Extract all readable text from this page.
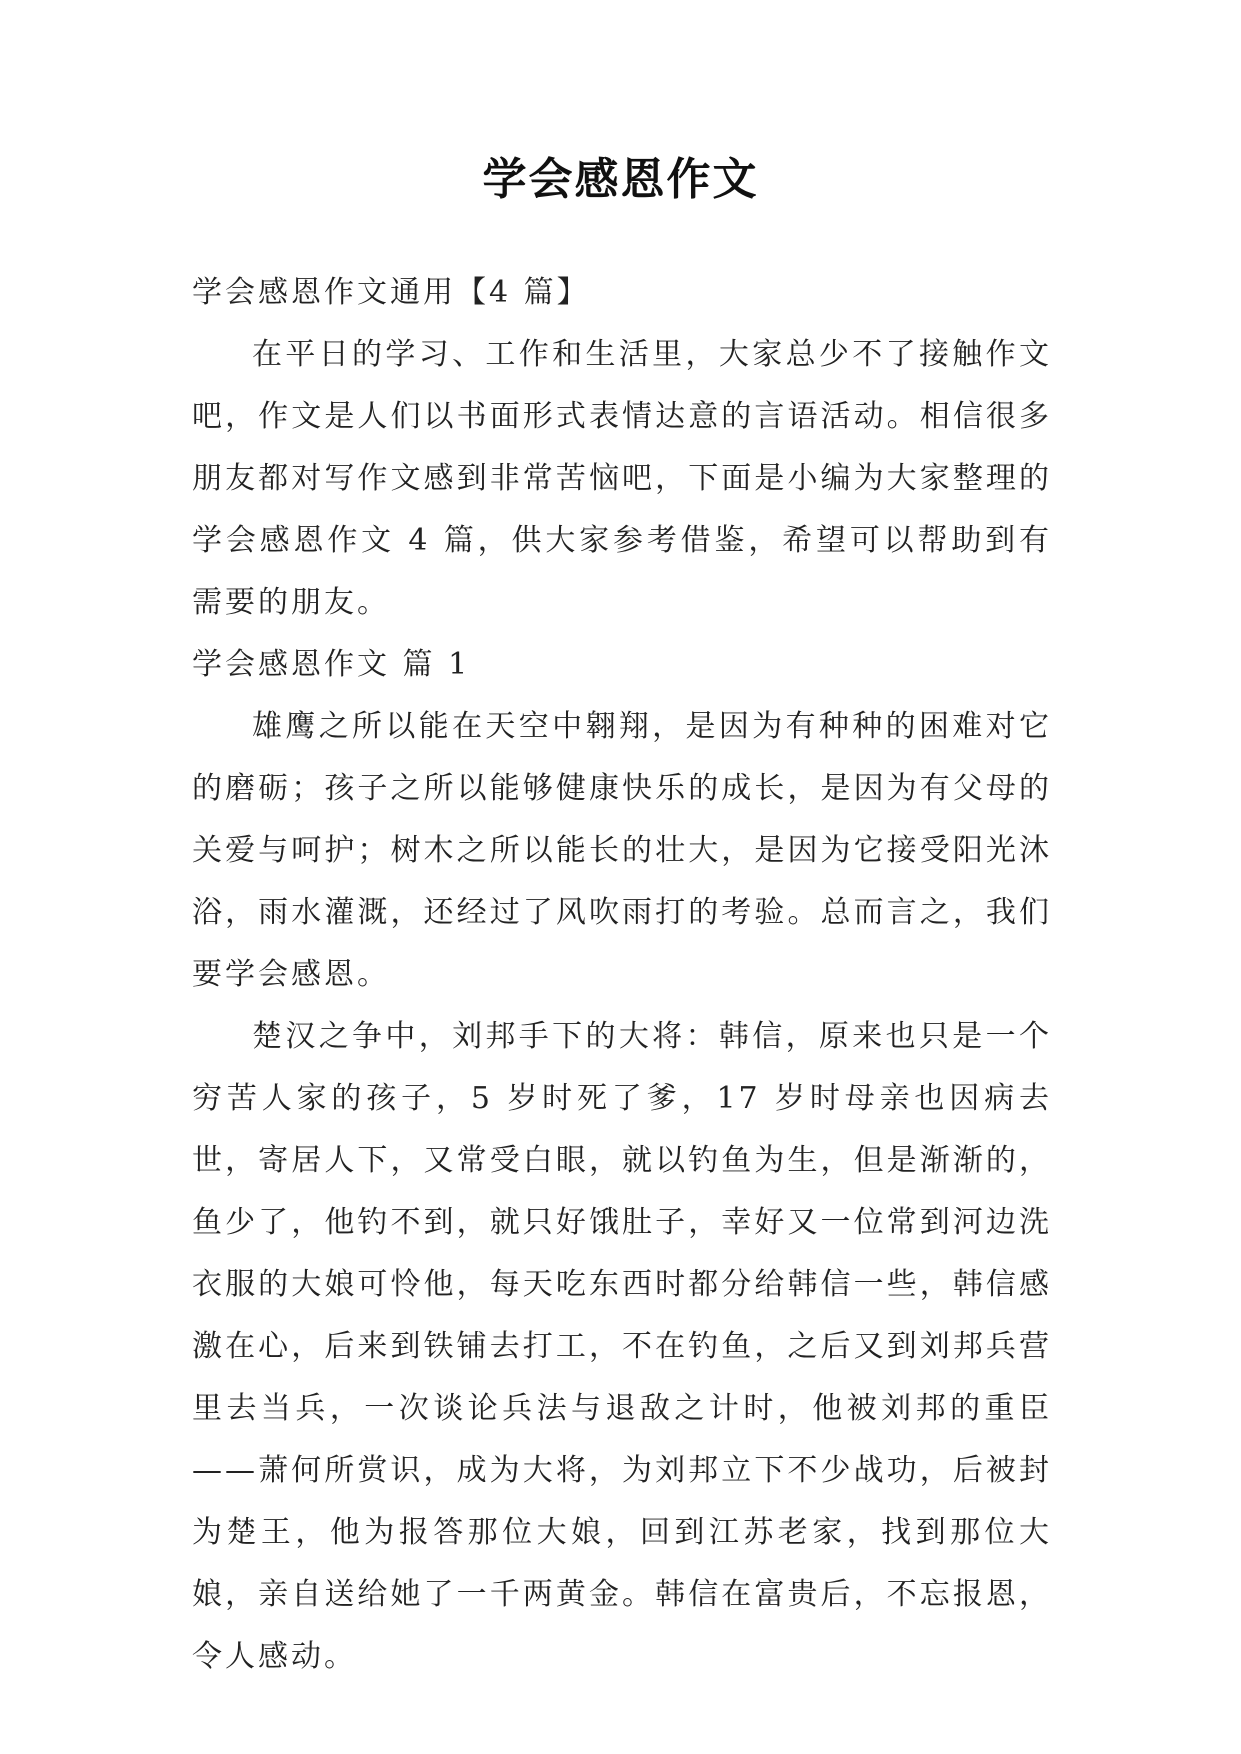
学会感恩作文

学会感恩作文通用【4 篇】

在平日的学习、工作和生活里，大家总少不了接触作文吧，作文是人们以书面形式表情达意的言语活动。相信很多朋友都对写作文感到非常苦恼吧，下面是小编为大家整理的学会感恩作文 4 篇，供大家参考借鉴，希望可以帮助到有需要的朋友。

学会感恩作文 篇 1

雄鹰之所以能在天空中翱翔，是因为有种种的困难对它的磨砺；孩子之所以能够健康快乐的成长，是因为有父母的关爱与呵护；树木之所以能长的壮大，是因为它接受阳光沐浴，雨水灌溉，还经过了风吹雨打的考验。总而言之，我们要学会感恩。

楚汉之争中，刘邦手下的大将：韩信，原来也只是一个穷苦人家的孩子，5 岁时死了爹，17 岁时母亲也因病去世，寄居人下，又常受白眼，就以钓鱼为生，但是渐渐的，鱼少了，他钓不到，就只好饿肚子，幸好又一位常到河边洗衣服的大娘可怜他，每天吃东西时都分给韩信一些，韩信感激在心，后来到铁铺去打工，不在钓鱼，之后又到刘邦兵营里去当兵，一次谈论兵法与退敌之计时，他被刘邦的重臣——萧何所赏识，成为大将，为刘邦立下不少战功，后被封为楚王，他为报答那位大娘，回到江苏老家，找到那位大娘，亲自送给她了一千两黄金。韩信在富贵后，不忘报恩，令人感动。
